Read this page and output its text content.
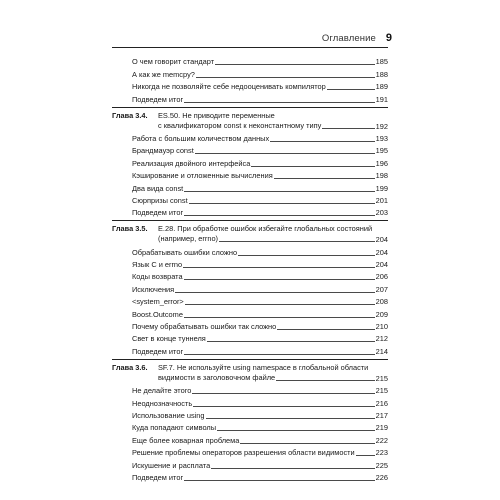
Оглавление 9
О чем говорит стандарт	185
А как же memcpy?	188
Никогда не позволяйте себе недооценивать компилятор	189
Подведем итог	191
Глава 3.4.	ES.50. Не приводите переменные
с квалификатором const к неконстантному типу	192
Работа с большим количеством данных	193
Брандмауэр const	195
Реализация двойного интерфейса	196
Кэширование и отложенные вычисления	198
Два вида const	199
Сюрпризы const	201
Подведем итог	203
Глава 3.5.	E.28. При обработке ошибок избегайте глобальных состояний
(например, errno)	204
Обрабатывать ошибки сложно	204
Язык C и errno	204
Коды возврата	206
Исключения	207
<system_error>	208
Boost.Outcome	209
Почему обрабатывать ошибки так сложно	210
Свет в конце туннеля	212
Подведем итог	214
Глава 3.6.	SF.7. Не используйте using namespace в глобальной области
видимости в заголовочном файле	215
Не делайте этого	215
Неоднозначность	216
Использование using	217
Куда попадают символы	219
Еще более коварная проблема	222
Решение проблемы операторов разрешения области видимости	223
Искушение и расплата	225
Подведем итог	226
